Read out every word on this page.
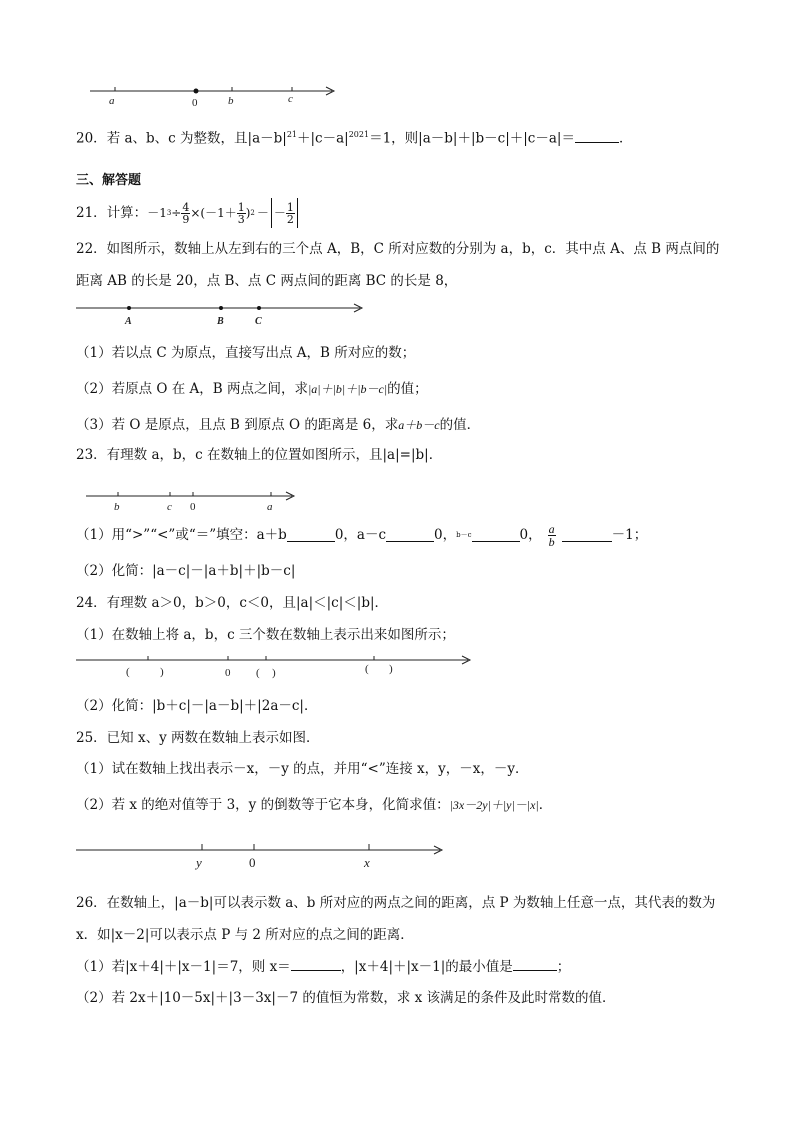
a	0	b	c
20．若 a、b、c 为整数，且$|a-b|^{21}+|c-a|^{2021}=1$，则|a－b|＋|b－c|＋|c－a|＝	．
三、解答题
21． 计算： －1 $3 \div \frac{4}{9} \times(-1+ \frac{1}{3}$ ) 2 － － $\frac{1}{2}$
22．如图所示，数轴上从左到右的三个点 A，B，C 所对应数的分别为 a，b，c．其中点 A、点 B 两点间的
距离 AB 的长是 20，点 B、点 C 两点间的距离 BC 的长是 8，
A	B	C
（1）若以点 C 为原点，直接写出点 A，B 所对应的数；
（2）若原点 O 在 A，B 两点之间，求|a|＋|b|＋|b－c|的值；
（3）若 O 是原点，且点 B 到原点 O 的距离是 6，求a＋b－c的值．
23．有理数 a，b，c 在数轴上的位置如图所示，且|a|=|b|．
b	c 0	a
（1）用“>”“<”或“＝”填空：a＋b	0，a－c	0， b－c	0， $\frac{a}{b}$	－1；
（2）化简：|a－c|－|a＋b|＋|b－c|
24．有理数 a＞0，b＞0，c＜0，且|a|＜|c|＜|b|．
（1）在数轴上将 a，b，c 三个数在数轴上表示出来如图所示；
(	)	0 ( )	( )
（2）化简：|b＋c|－|a－b|＋|2a－c|．
25．已知 x、y 两数在数轴上表示如图．
（1）试在数轴上找出表示－x，－y 的点，并用“<”连接 x，y，－x，－y．
（2）若 x 的绝对值等于 3，y 的倒数等于它本身，化简求值：|3x－2y|＋|y|－|x|．
y	0	x
26．在数轴上，|a－b|可以表示数 a、b 所对应的两点之间的距离，点 P 为数轴上任意一点，其代表的数为
x．如|x－2|可以表示点 P 与 2 所对应的点之间的距离．
（1）若|x＋4|＋|x－1|＝7，则 x＝	，|x＋4|＋|x－1|的最小值是	；
（2）若 2x＋|10－5x|＋|3－3x|－7 的值恒为常数，求 x 该满足的条件及此时常数的值．
